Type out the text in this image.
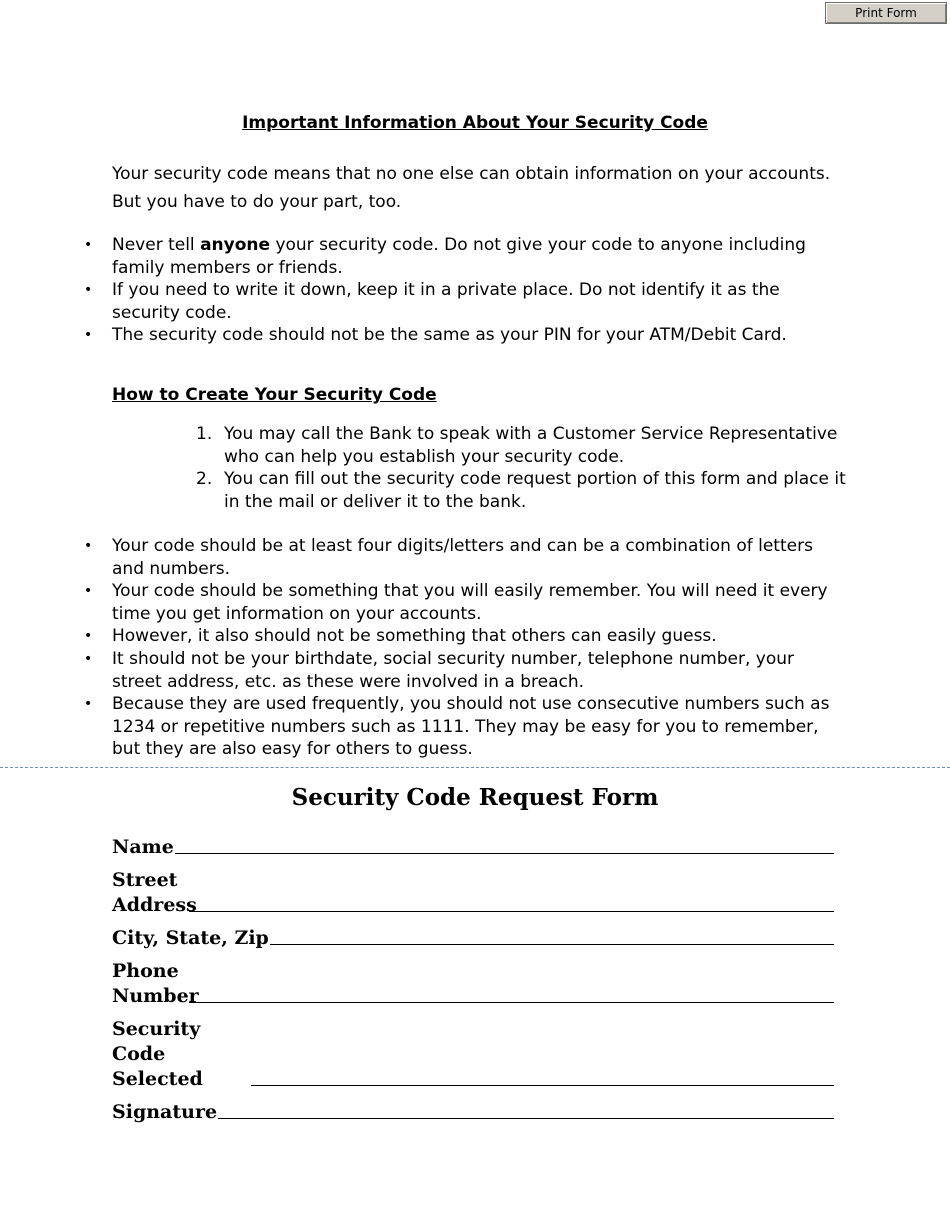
Print Form
Important Information About Your Security Code

Your security code means that no one else can obtain information on your accounts. But you have to do your part, too.

• Never tell anyone your security code. Do not give your code to anyone including family members or friends.
• If you need to write it down, keep it in a private place. Do not identify it as the security code.
• The security code should not be the same as your PIN for your ATM/Debit Card.
How to Create Your Security Code
1. You may call the Bank to speak with a Customer Service Representative who can help you establish your security code.
2. You can fill out the security code request portion of this form and place it in the mail or deliver it to the bank.
• Your code should be at least four digits/letters and can be a combination of letters and numbers.
• Your code should be something that you will easily remember. You will need it every time you get information on your accounts.
• However, it also should not be something that others can easily guess.
• It should not be your birthdate, social security number, telephone number, your street address, etc. as these were involved in a breach.
• Because they are used frequently, you should not use consecutive numbers such as 1234 or repetitive numbers such as 1111. They may be easy for you to remember, but they are also easy for others to guess.
Security Code Request Form
Name
Street Address
City, State, Zip
Phone Number
Security Code Selected
Signature
